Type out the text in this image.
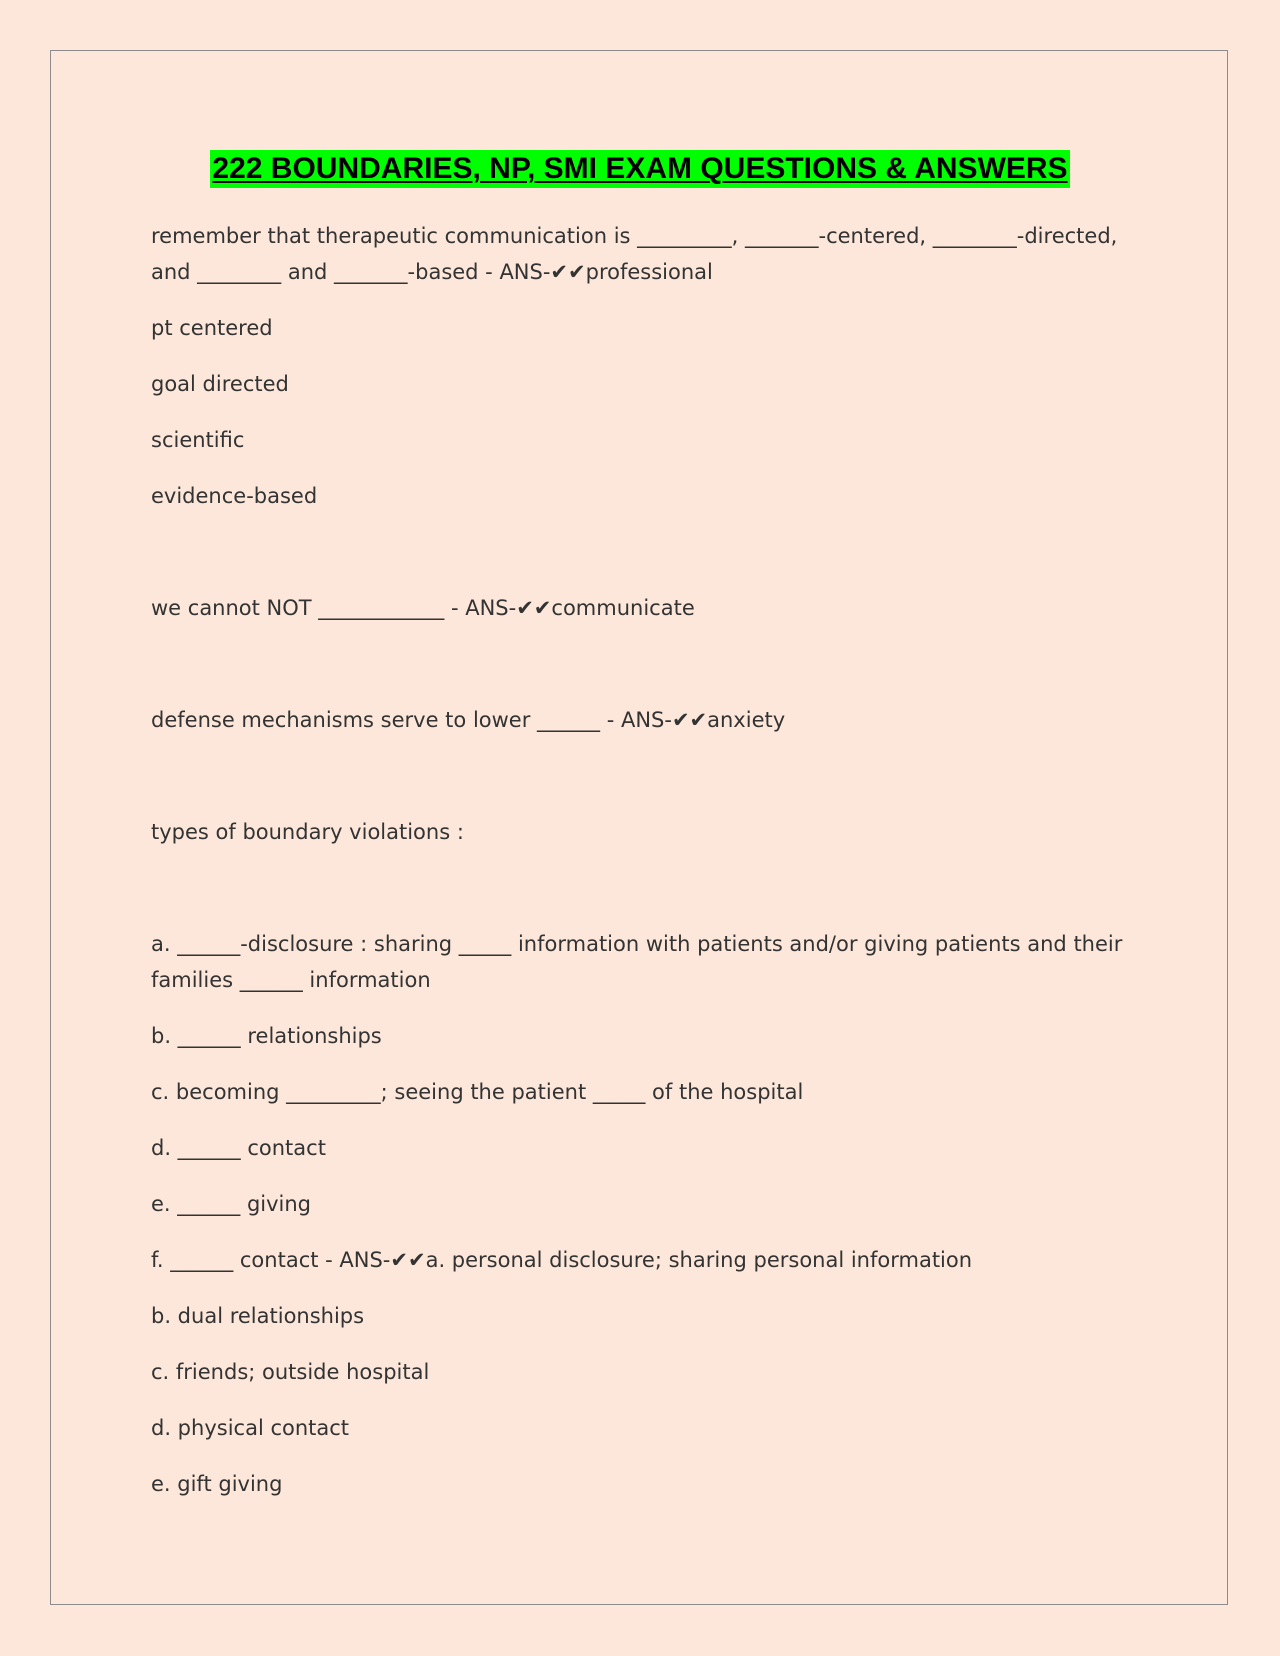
222 BOUNDARIES, NP, SMI EXAM QUESTIONS & ANSWERS

remember that therapeutic communication is _________, _______-centered, ________-directed, and ________ and _______-based - ANS-✔✔professional

pt centered

goal directed

scientific

evidence-based

we cannot NOT ____________ - ANS-✔✔communicate

defense mechanisms serve to lower ______ - ANS-✔✔anxiety

types of boundary violations :

a. ______-disclosure : sharing _____ information with patients and/or giving patients and their families ______ information

b. ______ relationships

c. becoming _________; seeing the patient _____ of the hospital

d. ______ contact

e. ______ giving

f. ______ contact - ANS-✔✔a. personal disclosure; sharing personal information

b. dual relationships

c. friends; outside hospital

d. physical contact

e. gift giving
